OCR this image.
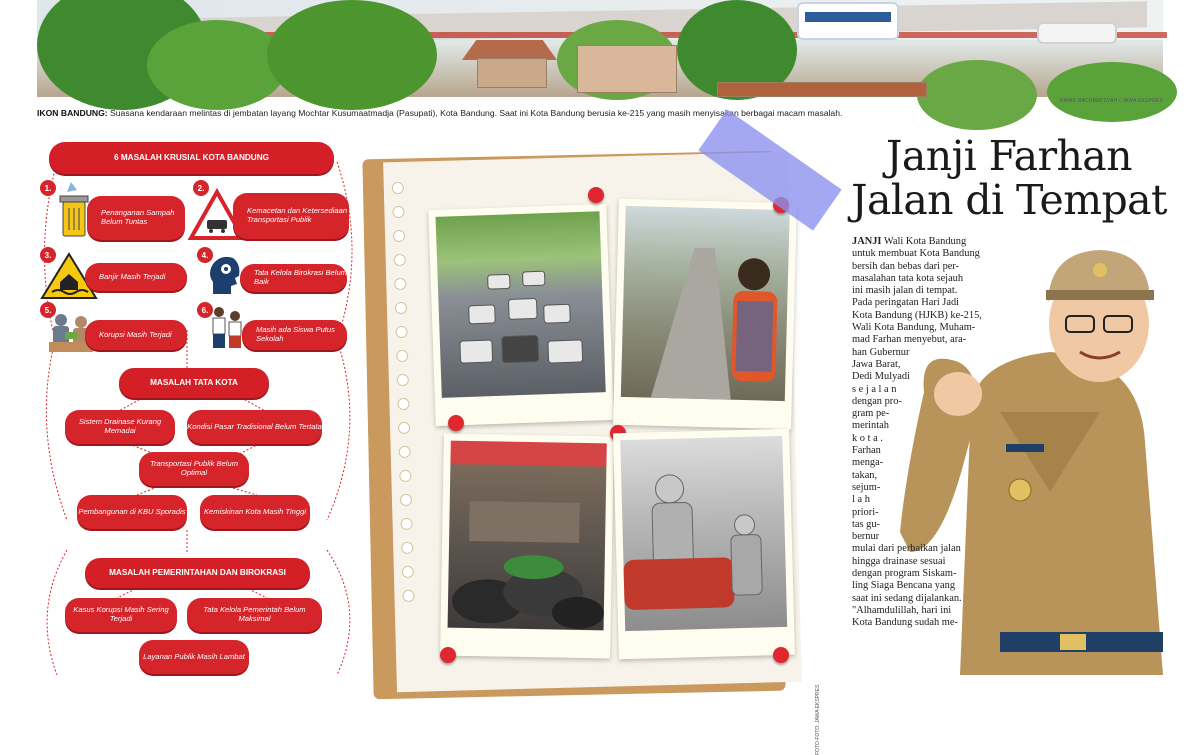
DINAS RACHMATSYAH / JAWA EKSPRES
IKON BANDUNG: Suasana kendaraan melintas di jembatan layang Mochtar Kusumaatmadja (Pasupati), Kota Bandung. Saat ini Kota Bandung berusia ke-215 yang masih menyisakan berbagai macam masalah.
6 MASALAH KRUSIAL KOTA BANDUNG
1.
Penanganan Sampah Belum Tuntas
2.
Kemacetan dan Ketersediaan Transportasi Publik
3.
Banjir Masih Terjadi
4.
Tata Kelola Birokrasi Belum Baik
5.
Korupsi Masih Terjadi
6.
Masih ada Siswa Putus Sekolah
MASALAH TATA KOTA
Sistem Drainase Kurang Memadai	Kondisi Pasar Tradisional Belum Tertata
Transportasi Publik Belum Optimal
Pembangunan di KBU Sporadis	Kemiskinan Kota Masih Tinggi
MASALAH PEMERINTAHAN DAN BIROKRASI
Kasus Korupsi Masih Sering Terjadi
Tata Kelola Pemerintah Belum Maksimal
Layanan Publik Masih Lambat
FOTO-FOTO: JAWA EKSPRES
Janji Farhan
Jalan di Tempat

JANJI Wali Kota Bandung

untuk membuat Kota Bandung

bersih dan bebas dari per-

masalahan tata kota sejauh

ini masih jalan di tempat.

Pada peringatan Hari Jadi

Kota Bandung (HJKB) ke-215,

Wali Kota Bandung, Muham-

mad Farhan menyebut, ara-

han Gubernur

Jawa Barat,

Dedi Mulyadi

s e j a l a n

dengan pro-

gram pe-

merintah

k o t a .

Farhan

menga-

takan,

sejum-

l a h

priori-

tas gu-

bernur

mulai dari perbaikan jalan

hingga drainase sesuai

dengan program Siskam-

ling Siaga Bencana yang

saat ini sedang dijalankan.

"Alhamdulillah, hari ini

Kota Bandung sudah me-
